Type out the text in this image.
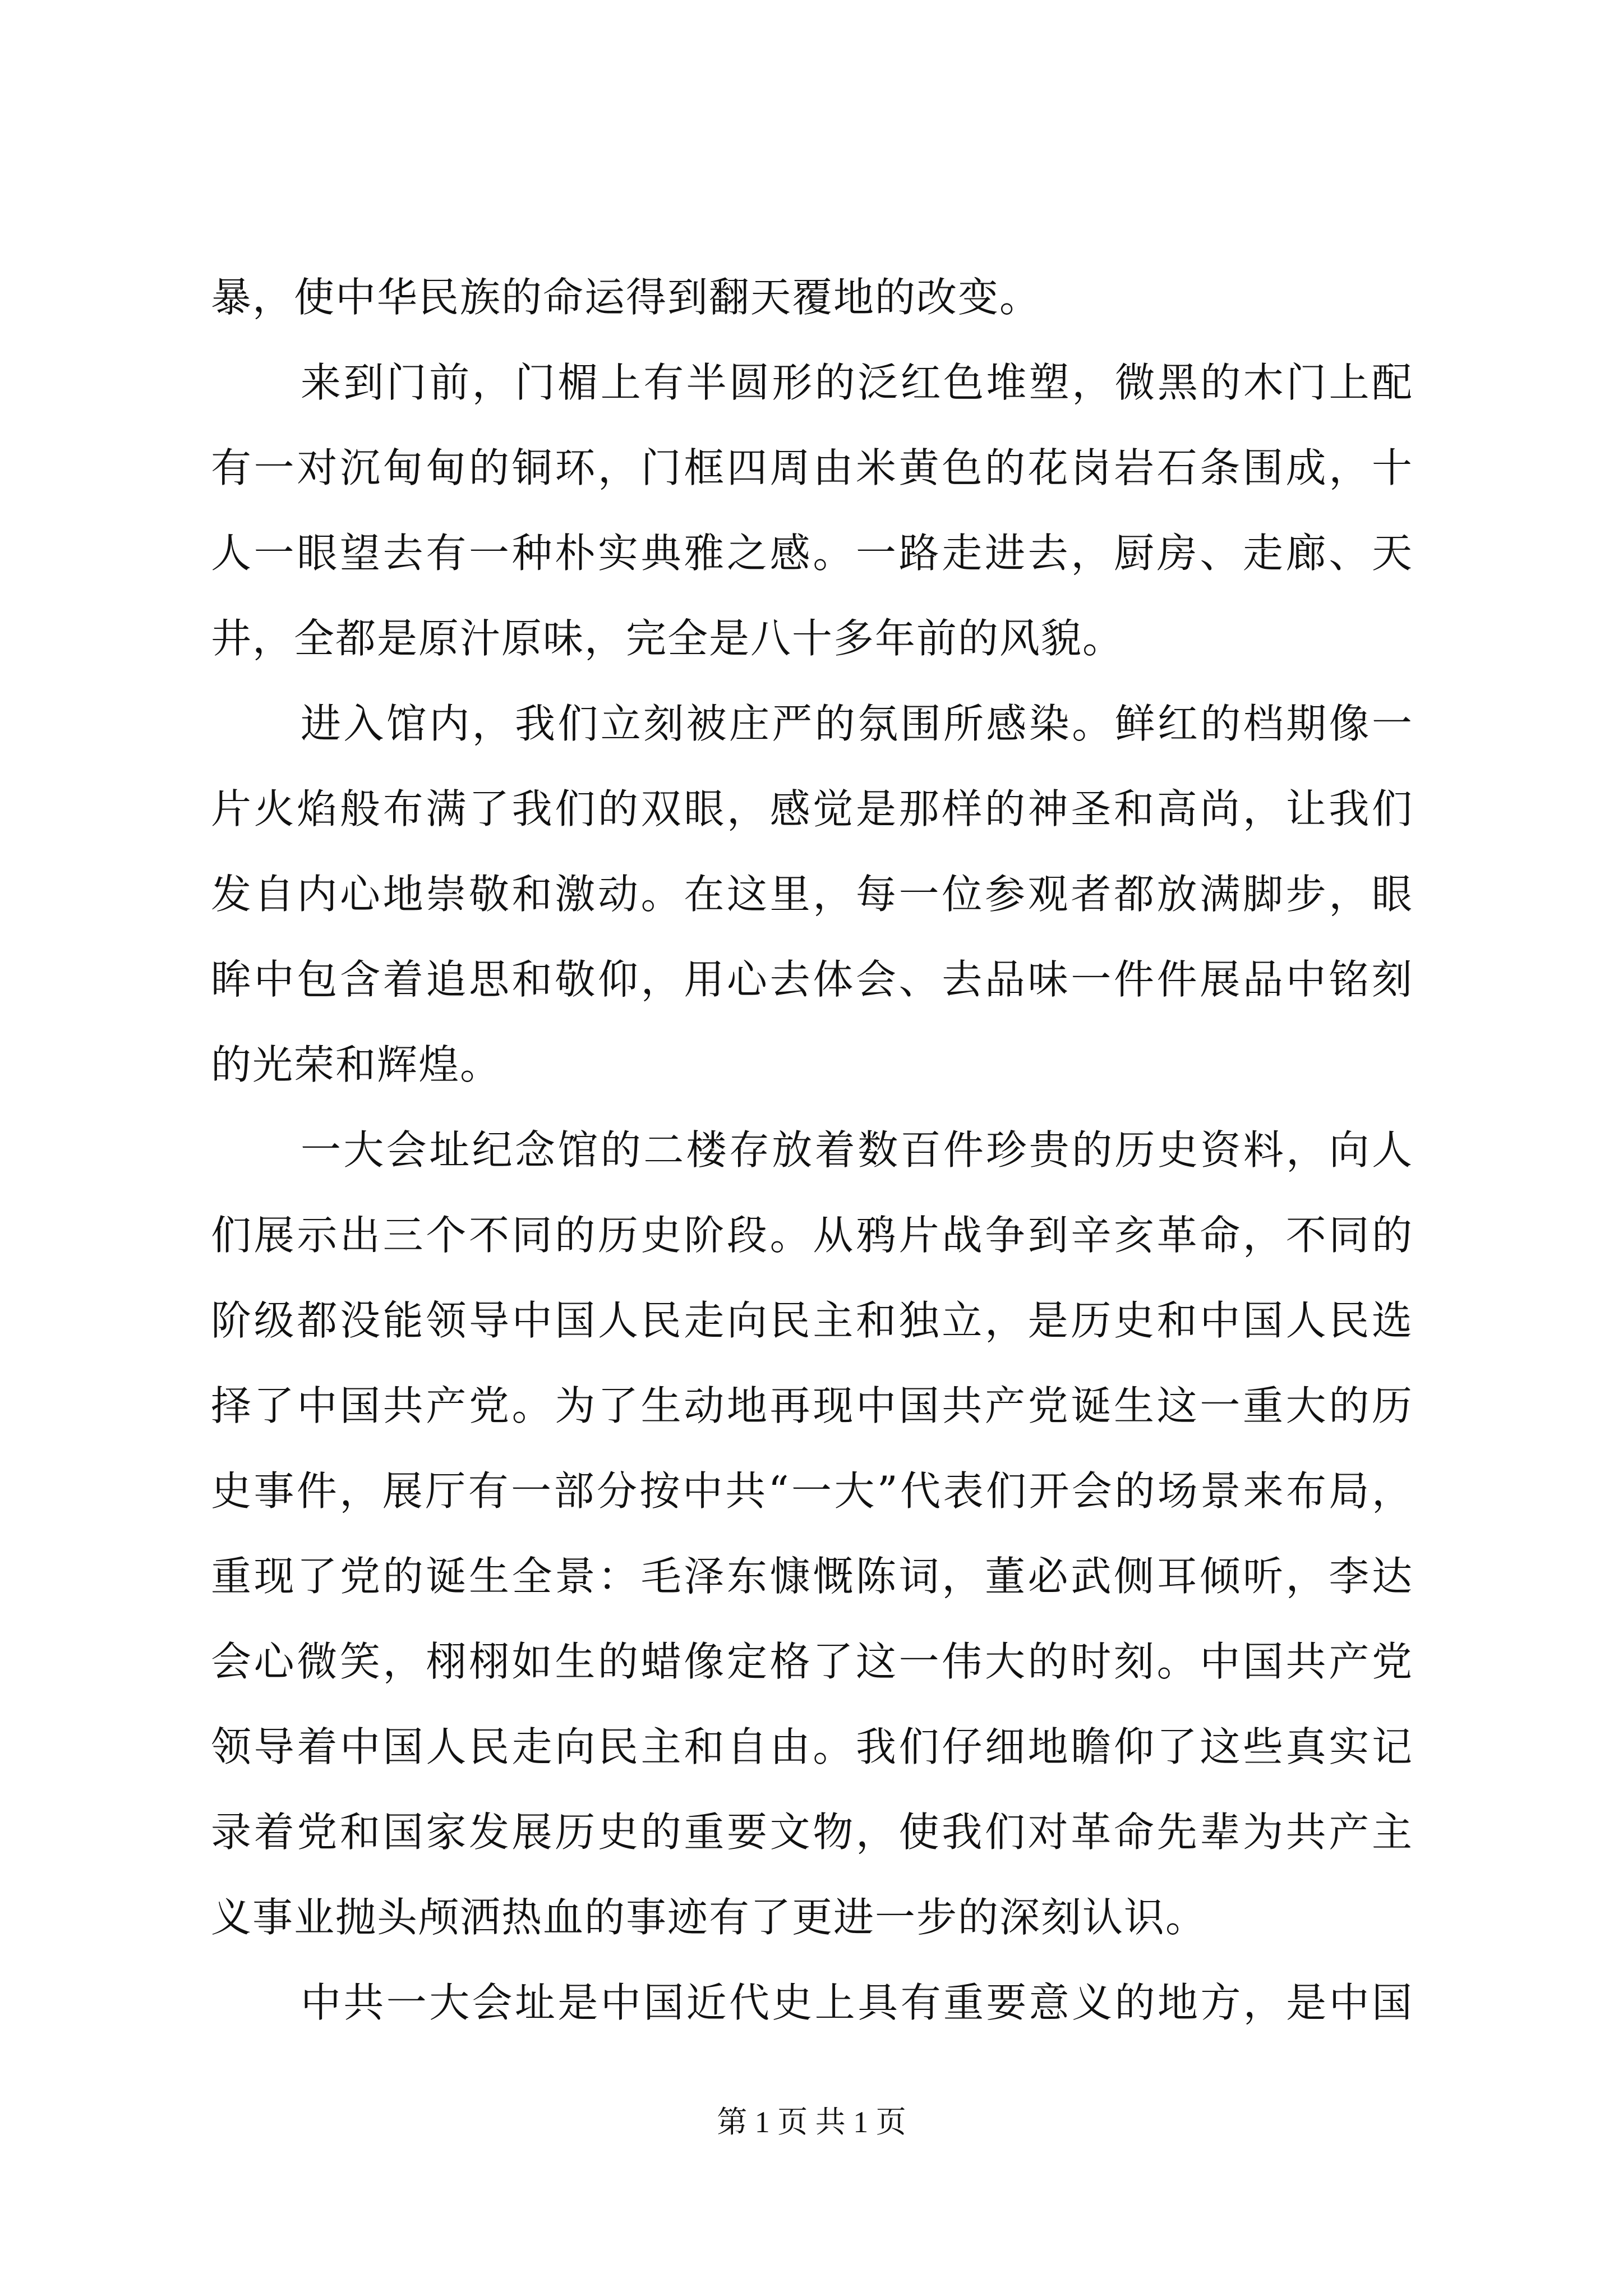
暴，使中华民族的命运得到翻天覆地的改变。
来到门前，门楣上有半圆形的泛红色堆塑，微黑的木门上配
有一对沉甸甸的铜环，门框四周由米黄色的花岗岩石条围成，十
人一眼望去有一种朴实典雅之感。一路走进去，厨房、走廊、天
井，全都是原汁原味，完全是八十多年前的风貌。
进入馆内，我们立刻被庄严的氛围所感染。鲜红的档期像一
片火焰般布满了我们的双眼，感觉是那样的神圣和高尚，让我们
发自内心地崇敬和激动。在这里，每一位参观者都放满脚步，眼
眸中包含着追思和敬仰，用心去体会、去品味一件件展品中铭刻
的光荣和辉煌。
一大会址纪念馆的二楼存放着数百件珍贵的历史资料，向人
们展示出三个不同的历史阶段。从鸦片战争到辛亥革命，不同的
阶级都没能领导中国人民走向民主和独立，是历史和中国人民选
择了中国共产党。为了生动地再现中国共产党诞生这一重大的历
史事件，展厅有一部分按中共“一大”代表们开会的场景来布局，
重现了党的诞生全景：毛泽东慷慨陈词，董必武侧耳倾听，李达
会心微笑，栩栩如生的蜡像定格了这一伟大的时刻。中国共产党
领导着中国人民走向民主和自由。我们仔细地瞻仰了这些真实记
录着党和国家发展历史的重要文物，使我们对革命先辈为共产主
义事业抛头颅洒热血的事迹有了更进一步的深刻认识。
中共一大会址是中国近代史上具有重要意义的地方，是中国
第 1 页 共 1 页
